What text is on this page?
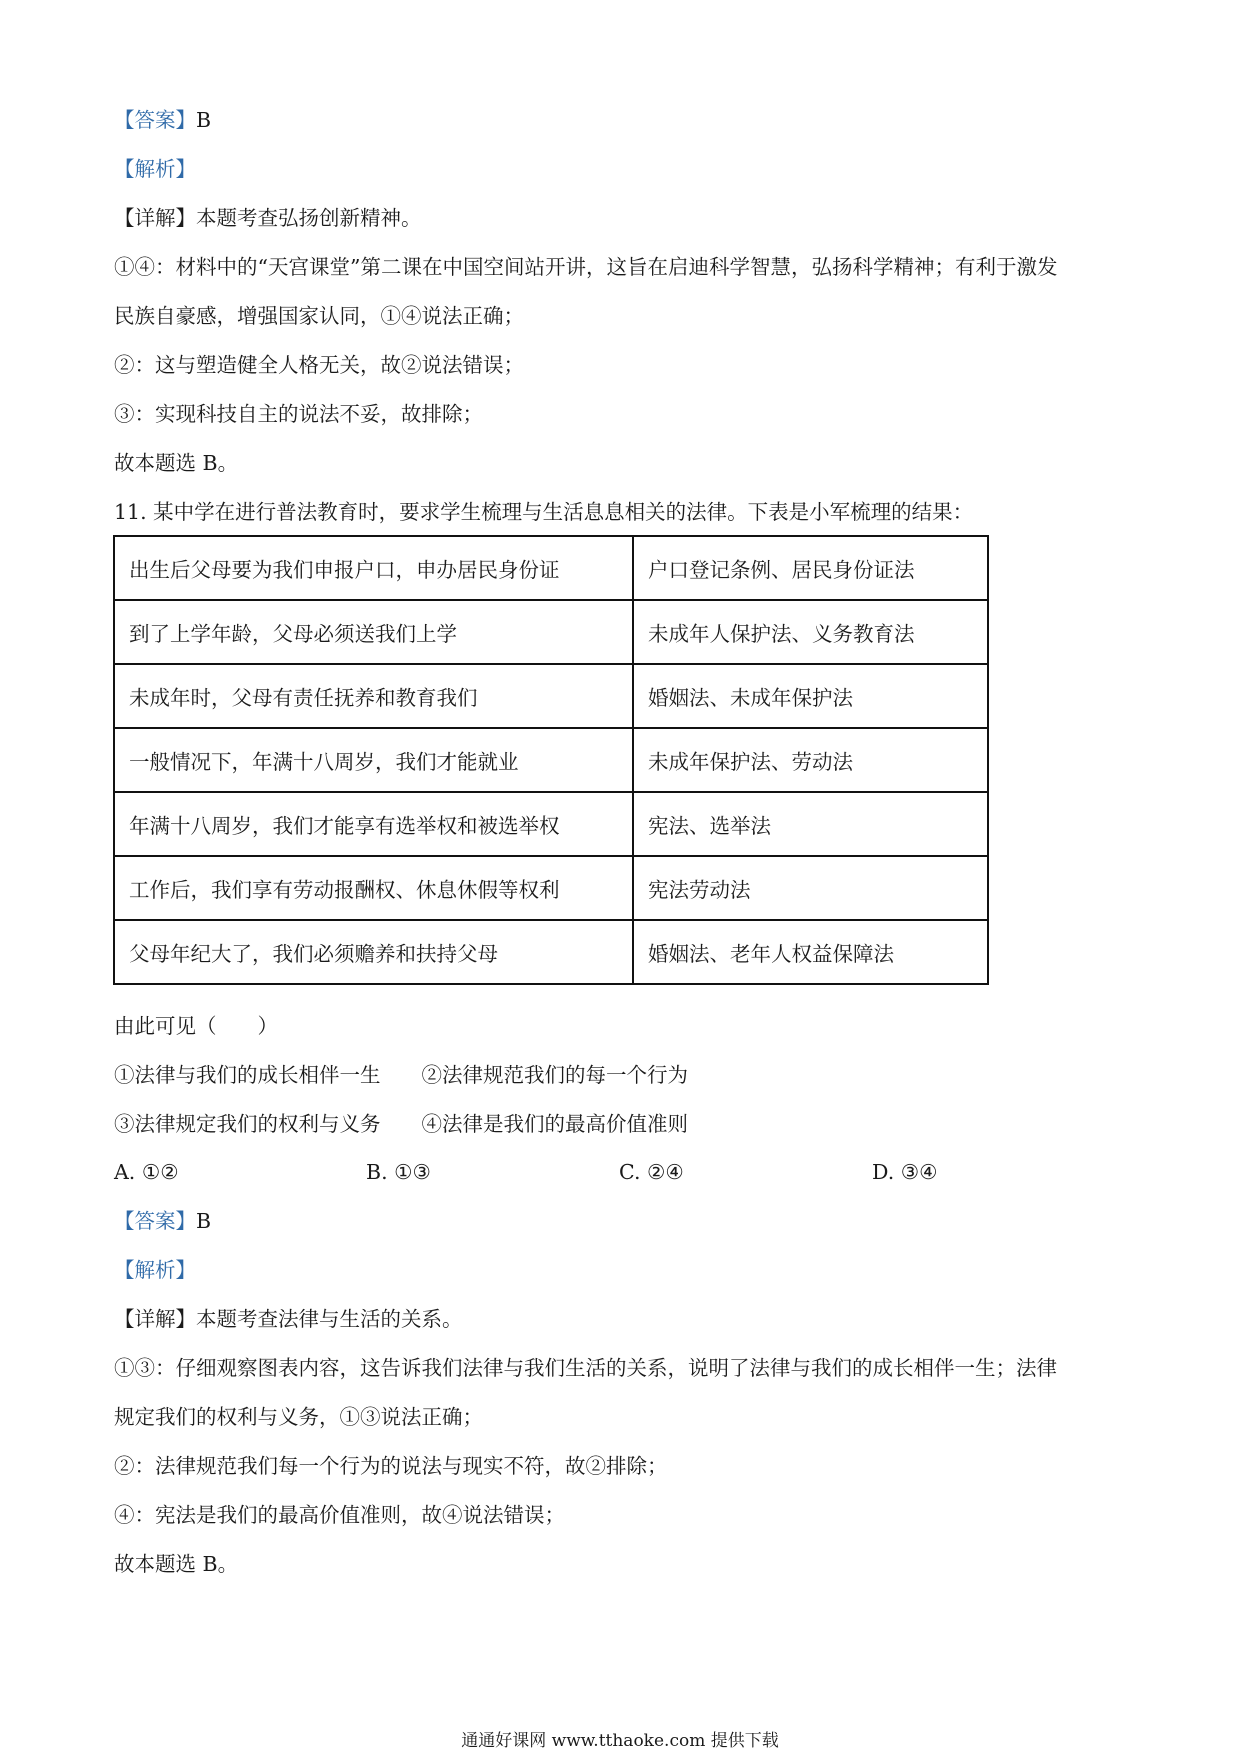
【答案】B
【解析】
【详解】本题考查弘扬创新精神。
①④：材料中的“天宫课堂”第二课在中国空间站开讲，这旨在启迪科学智慧，弘扬科学精神；有利于激发
民族自豪感，增强国家认同，①④说法正确；
②：这与塑造健全人格无关，故②说法错误；
③：实现科技自主的说法不妥，故排除；
故本题选 B。
11. 某中学在进行普法教育时，要求学生梳理与生活息息相关的法律。下表是小军梳理的结果：
出生后父母要为我们申报户口，申办居民身份证	户口登记条例、居民身份证法
到了上学年龄，父母必须送我们上学	未成年人保护法、义务教育法
未成年时，父母有责任抚养和教育我们	婚姻法、未成年保护法
一般情况下，年满十八周岁，我们才能就业	未成年保护法、劳动法
年满十八周岁，我们才能享有选举权和被选举权	宪法、选举法
工作后，我们享有劳动报酬权、休息休假等权利	宪法劳动法
父母年纪大了，我们必须赡养和扶持父母	婚姻法、老年人权益保障法
由此可见（　　）
①法律与我们的成长相伴一生　　②法律规范我们的每一个行为
③法律规定我们的权利与义务　　④法律是我们的最高价值准则
A. ①②	B. ①③	C. ②④	D. ③④
【答案】B
【解析】
【详解】本题考查法律与生活的关系。
①③：仔细观察图表内容，这告诉我们法律与我们生活的关系，说明了法律与我们的成长相伴一生；法律
规定我们的权利与义务，①③说法正确；
②：法律规范我们每一个行为的说法与现实不符，故②排除；
④：宪法是我们的最高价值准则，故④说法错误；
故本题选 B。
通通好课网 www.tthaoke.com 提供下载
